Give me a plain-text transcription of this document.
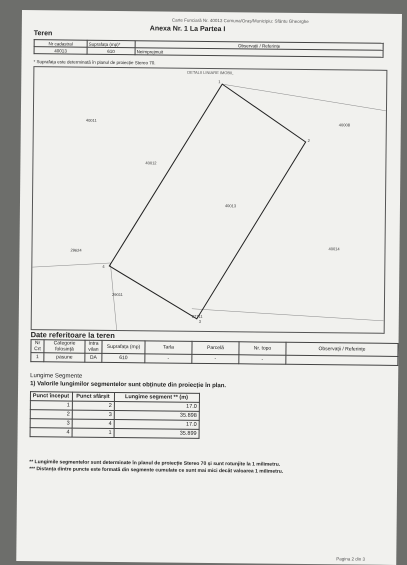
Carte Funciară Nr. 40013 Comuna/Oraș/Municipiu: Sfântu Gheorghe
Anexa Nr. 1 La Partea I
Teren
Nr cadastral	Suprafața (mp)*	Observații / Referințe
40013	610	Neimprejmuit
* Suprafața este determinată în planul de proiecție Stereo 70.
DETALII LINIARE IMOBIL
40011
40008
40012
40013
40014
29624
29011
27711
1
2
3
4
Date referitoare la teren
Nr Crt	Categorie folosință	Intra vilan	Suprafața (mp)	Tarla	Parcelă	Nr. topo	Observații / Referințe
1	pasune	DA	610	-	-	-	
Lungime Segmente
1) Valorile lungimilor segmentelor sunt obținute din proiecție în plan.
Punct început	Punct sfârșit	Lungime segment ** (m)
1	2	17.0
2	3	35.898
3	4	17.0
4	1	35.899
** Lungimile segmentelor sunt determinate în planul de proiecție Stereo 70 și sunt rotunjite la 1 milimetru.
*** Distanța dintre puncte este formată din segmente cumulate ce sunt mai mici decât valoarea 1 milimetru.
Pagina 2 din 3
